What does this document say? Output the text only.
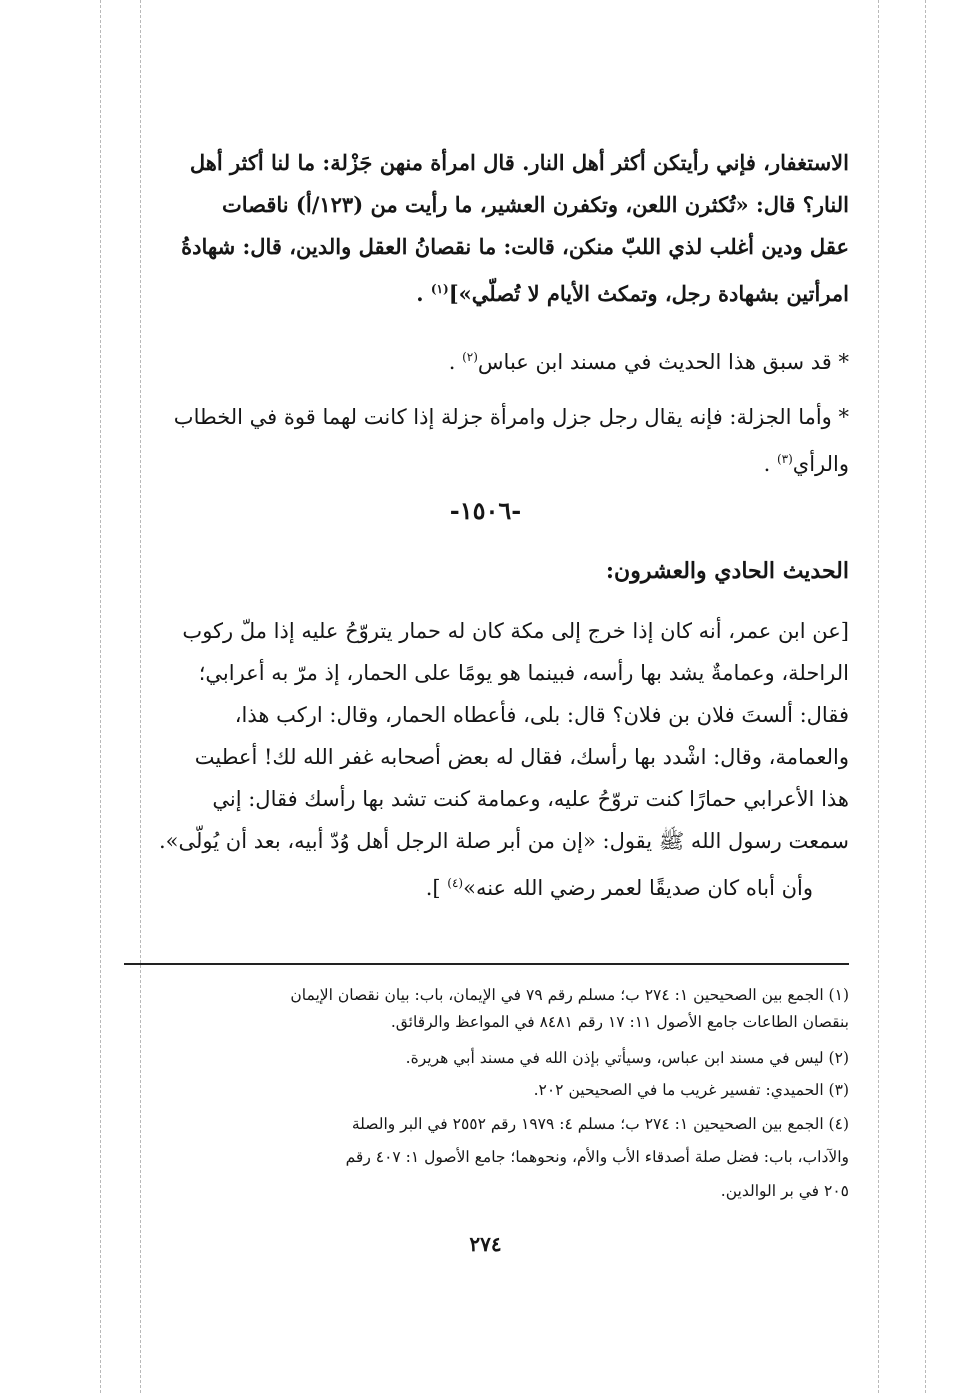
الاستغفار، فإني رأيتكن أكثر أهل النار. قال امرأة منهن جَزْلة: ما لنا أكثر أهل
النار؟ قال: «تُكثرن اللعن، وتكفرن العشير، ما رأيت من (١٢٣/أ) ناقصات
عقل ودين أغلب لذي اللبّ منكن، قالت: ما نقصانُ العقل والدين، قال: شهادةُ
امرأتين بشهادة رجل، وتمكث الأيام لا تُصلّي»]$^{(١)}$ .
* قد سبق هذا الحديث في مسند ابن عباس$^{(٢)}$ .
* وأما الجزلة: فإنه يقال رجل جزل وامرأة جزلة إذا كانت لهما قوة في الخطاب
والرأي$^{(٣)}$ .
-١٥٠٦-
الحديث الحادي والعشرون:
[عن ابن عمر، أنه كان إذا خرج إلى مكة كان له حمار يتروّحُ عليه إذا ملّ ركوب
الراحلة، وعمامةٌ يشد بها رأسه، فبينما هو يومًا على الحمار، إذ مرّ به أعرابي؛
فقال: ألستَ فلان بن فلان؟ قال: بلى، فأعطاه الحمار، وقال: اركب هذا،
والعمامة، وقال: اشْدد بها رأسك، فقال له بعض أصحابه غفر الله لك! أعطيت
هذا الأعرابي حمارًا كنت تروّحُ عليه، وعمامة كنت تشد بها رأسك فقال: إني
سمعت رسول الله ﷺ يقول: «إن من أبر صلة الرجل أهل وُدّ أبيه، بعد أن يُولّى».
وأن أباه كان صديقًا لعمر رضي الله عنه»$^{(٤)}$ ].
(١) الجمع بين الصحيحين ١: ٢٧٤ ب؛ مسلم رقم ٧٩ في الإيمان، باب: بيان نقصان الإيمان
بنقصان الطاعات جامع الأصول ١١: ١٧ رقم ٨٤٨١ في المواعظ والرقائق.
(٢) ليس في مسند ابن عباس، وسيأتي بإذن الله في مسند أبي هريرة.
(٣) الحميدي: تفسير غريب ما في الصحيحين ٢٠٢.
(٤) الجمع بين الصحيحين ١: ٢٧٤ ب؛ مسلم ٤: ١٩٧٩ رقم ٢٥٥٢ في البر والصلة
والآداب، باب: فضل صلة أصدقاء الأب والأم، ونحوهما؛ جامع الأصول ١: ٤٠٧ رقم
٢٠٥ في بر الوالدين.
٢٧٤
